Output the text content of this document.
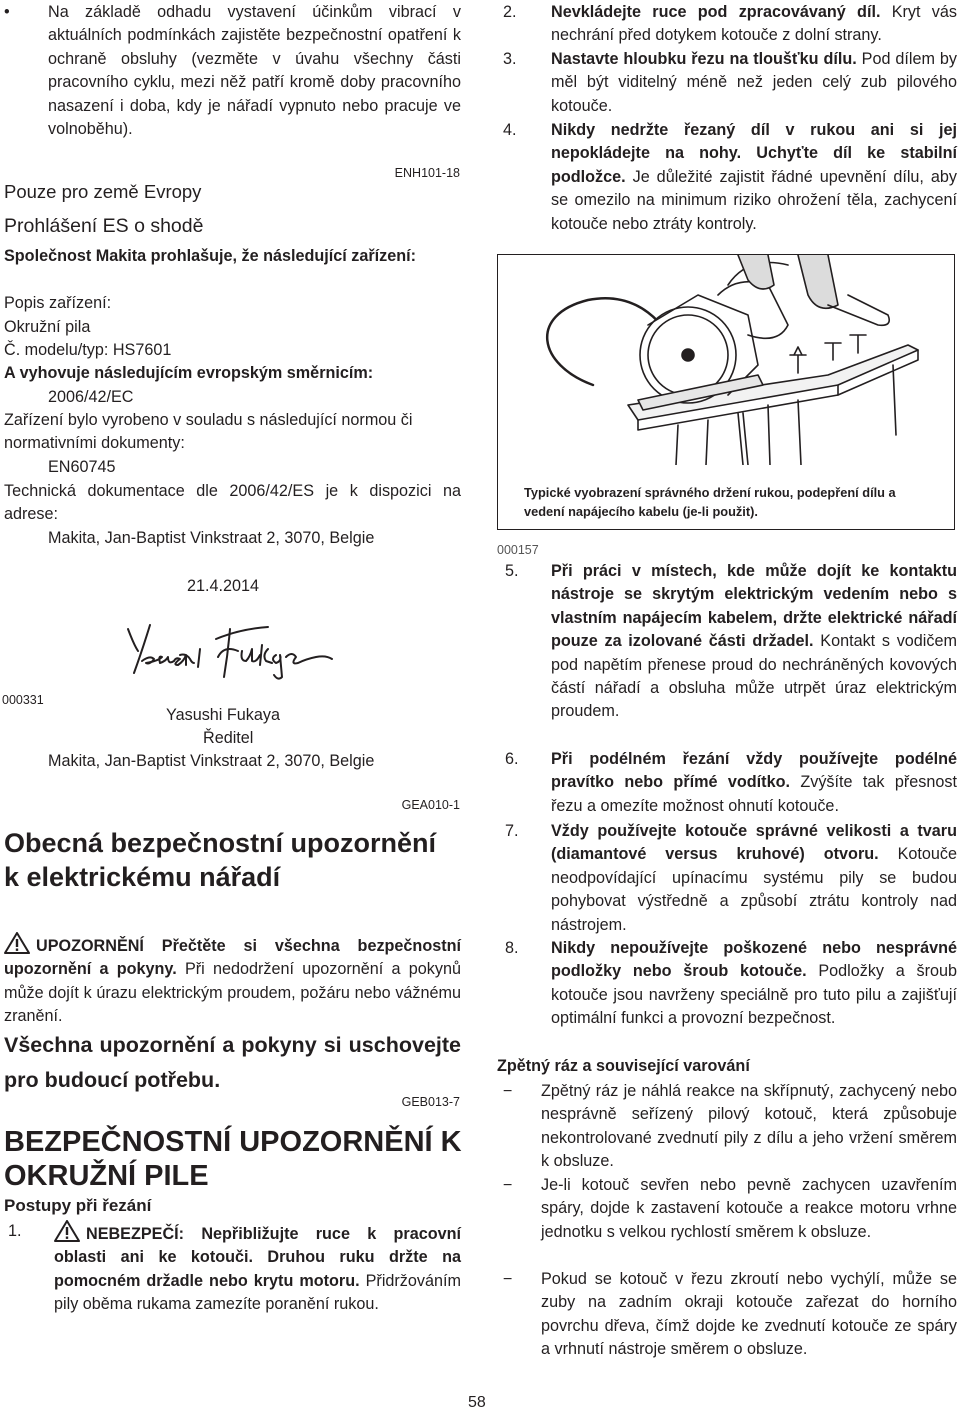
• Na základě odhadu vystavení účinkům vibrací v aktuálních podmínkách zajistěte bezpečnostní opatření k ochraně obsluhy (vezměte v úvahu všechny části pracovního cyklu, mezi něž patří kromě doby pracovního nasazení i doba, kdy je nářadí vypnuto nebo pracuje ve volnoběhu).
ENH101-18
Pouze pro země Evropy
Prohlášení ES o shodě
Společnost Makita prohlašuje, že následující zařízení:
Popis zařízení:
Okružní pila
Č. modelu/typ: HS7601
A vyhovuje následujícím evropským směrnicím:
2006/42/EC
Zařízení bylo vyrobeno v souladu s následující normou či normativními dokumenty:
EN60745
Technická dokumentace dle 2006/42/ES je k dispozici na adrese:
Makita, Jan-Baptist Vinkstraat 2, 3070, Belgie
21.4.2014
000331
Yasushi Fukaya
Ředitel
Makita, Jan-Baptist Vinkstraat 2, 3070, Belgie
GEA010-1
Obecná bezpečnostní upozornění k elektrickému nářadí
UPOZORNĚNÍ Přečtěte si všechna bezpečnostní upozornění a pokyny. Při nedodržení upozornění a pokynů může dojít k úrazu elektrickým proudem, požáru nebo vážnému zranění.
Všechna upozornění a pokyny si uschovejte pro budoucí potřebu.
GEB013-7
BEZPEČNOSTNÍ UPOZORNĚNÍ K OKRUŽNÍ PILE
Postupy při řezání
1.	NEBEZPEČÍ: Nepřibližujte ruce k pracovní oblasti ani ke kotouči. Druhou ruku držte na pomocném držadle nebo krytu motoru. Přidržováním pily oběma rukama zamezíte poranění rukou.
2. Nevkládejte ruce pod zpracovávaný díl. Kryt vás nechrání před dotykem kotouče z dolní strany.
3. Nastavte hloubku řezu na tloušťku dílu. Pod dílem by měl být viditelný méně než jeden celý zub pilového kotouče.
4. Nikdy nedržte řezaný díl v rukou ani si jej nepokládejte na nohy. Uchyťte díl ke stabilní podložce. Je důležité zajistit řádné upevnění dílu, aby se omezilo na minimum riziko ohrožení těla, zachycení kotouče nebo ztráty kontroly.
Typické vyobrazení správného držení rukou, podepření dílu a vedení napájecího kabelu (je-li použit).
000157
5. Při práci v místech, kde může dojít ke kontaktu nástroje se skrytým elektrickým vedením nebo s vlastním napájecím kabelem, držte elektrické nářadí pouze za izolované části držadel. Kontakt s vodičem pod napětím přenese proud do nechráněných kovových částí nářadí a obsluha může utrpět úraz elektrickým proudem.
6. Při podélném řezání vždy používejte podélné pravítko nebo přímé vodítko. Zvýšíte tak přesnost řezu a omezíte možnost ohnutí kotouče.
7. Vždy používejte kotouče správné velikosti a tvaru (diamantové versus kruhové) otvoru. Kotouče neodpovídající upínacímu systému pily se budou pohybovat výstředně a způsobí ztrátu kontroly nad nástrojem.
8. Nikdy nepoužívejte poškozené nebo nesprávné podložky nebo šroub kotouče. Podložky a šroub kotouče jsou navrženy speciálně pro tuto pilu a zajišťují optimální funkci a provozní bezpečnost.
Zpětný ráz a související varování
− Zpětný ráz je náhlá reakce na skřípnutý, zachycený nebo nesprávně seřízený pilový kotouč, která způsobuje nekontrolované zvednutí pily z dílu a jeho vržení směrem k obsluze.
− Je-li kotouč sevřen nebo pevně zachycen uzavřením spáry, dojde k zastavení kotouče a reakce motoru vrhne jednotku s velkou rychlostí směrem k obsluze.
− Pokud se kotouč v řezu zkroutí nebo vychýlí, může se zuby na zadním okraji kotouče zařezat do horního povrchu dřeva, čímž dojde ke zvednutí kotouče ze spáry a vrhnutí nástroje směrem o obsluze.
58
